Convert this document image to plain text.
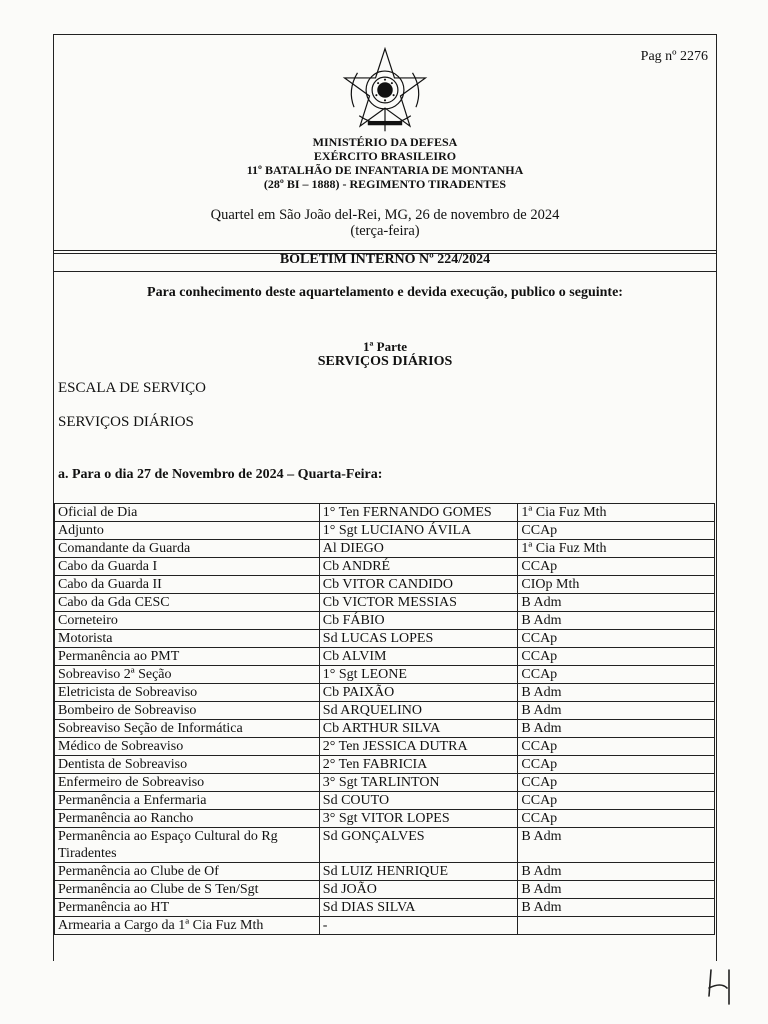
Pag nº 2276
MINISTÉRIO DA DEFESA
EXÉRCITO BRASILEIRO
11º BATALHÃO DE INFANTARIA DE MONTANHA
(28º BI – 1888) - REGIMENTO TIRADENTES
Quartel em São João del-Rei, MG, 26 de novembro de 2024
(terça-feira)
BOLETIM INTERNO Nº 224/2024
Para conhecimento deste aquartelamento e devida execução, publico o seguinte:
1ª Parte
SERVIÇOS DIÁRIOS
ESCALA DE SERVIÇO
SERVIÇOS DIÁRIOS
a. Para o dia 27 de Novembro de 2024 – Quarta-Feira:
Oficial de Dia	1° Ten FERNANDO GOMES	1ª Cia Fuz Mth
Adjunto	1° Sgt LUCIANO ÁVILA	CCAp
Comandante da Guarda	Al DIEGO	1ª Cia Fuz Mth
Cabo da Guarda I	Cb ANDRÉ	CCAp
Cabo da Guarda II	Cb VITOR CANDIDO	CIOp Mth
Cabo da Gda CESC	Cb VICTOR MESSIAS	B Adm
Corneteiro	Cb FÁBIO	B Adm
Motorista	Sd LUCAS LOPES	CCAp
Permanência ao PMT	Cb ALVIM	CCAp
Sobreaviso 2ª Seção	1° Sgt LEONE	CCAp
Eletricista de Sobreaviso	Cb PAIXÃO	B Adm
Bombeiro de Sobreaviso	Sd ARQUELINO	B Adm
Sobreaviso Seção de Informática	Cb ARTHUR SILVA	B Adm
Médico de Sobreaviso	2° Ten JESSICA DUTRA	CCAp
Dentista de Sobreaviso	2° Ten FABRICIA	CCAp
Enfermeiro de Sobreaviso	3° Sgt TARLINTON	CCAp
Permanência a Enfermaria	Sd COUTO	CCAp
Permanência ao Rancho	3° Sgt VITOR LOPES	CCAp
Permanência ao Espaço Cultural do Rg Tiradentes	Sd GONÇALVES	B Adm
Permanência ao Clube de Of	Sd LUIZ HENRIQUE	B Adm
Permanência ao Clube de S Ten/Sgt	Sd JOÃO	B Adm
Permanência ao HT	Sd DIAS SILVA	B Adm
Armearia a Cargo da 1ª Cia Fuz Mth	-	
